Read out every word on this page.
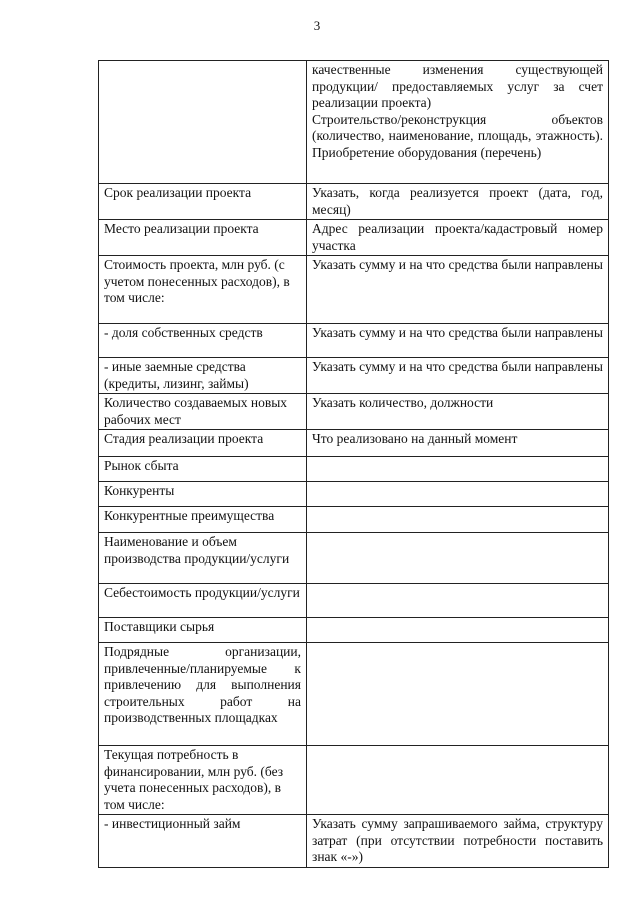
3

	качественные изменения существующей продукции/ предоставляемых услуг за счет реализации проекта)
Строительство/реконструкция объектов (количество, наименование, площадь, этажность). Приобретение оборудования (перечень)

Срок реализации проекта	Указать, когда реализуется проект (дата, год, месяц)
Место реализации проекта	Адрес реализации проекта/кадастровый номер участка
Стоимость проекта, млн руб. (с учетом понесенных расходов), в том числе:	Указать сумму и на что средства были направлены
- доля собственных средств	Указать сумму и на что средства были направлены
- иные заемные средства (кредиты, лизинг, займы)	Указать сумму и на что средства были направлены
Количество создаваемых новых рабочих мест	Указать количество, должности
Стадия реализации проекта	Что реализовано на данный момент
Рынок сбыта	
Конкуренты	
Конкурентные преимущества	
Наименование и объем производства продукции/услуги	
Себестоимость продукции/услуги	
Поставщики сырья	
Подрядные организации, привлеченные/планируемые к привлечению для выполнения строительных работ на производственных площадках	
Текущая потребность в финансировании, млн руб. (без учета понесенных расходов), в том числе:	
- инвестиционный займ	Указать сумму запрашиваемого займа, структуру затрат (при отсутствии потребности поставить знак «-»)
